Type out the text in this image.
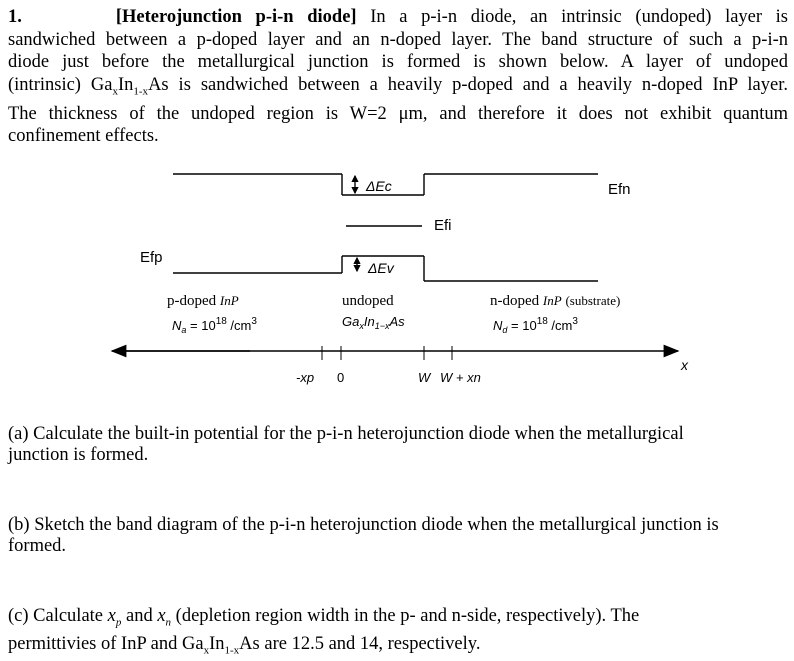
1.	[Heterojunction p-i-n diode] In a p-i-n diode, an intrinsic (undoped) layer is
sandwiched between a p-doped layer and an n-doped layer. The band structure of such a p-i-n
diode just before the metallurgical junction is formed is shown below. A layer of undoped
(intrinsic) $Ga_xIn_{1-x}As$ is sandwiched between a heavily p-doped and a heavily n-doped InP layer.
The thickness of the undoped region is W=2 μm, and therefore it does not exhibit quantum
confinement effects.
ΔEc	Efn
Efi
ΔEv
Efp
p-doped InP
$N_a = 10^{18}$ $/cm^3$
undoped
$Ga_xIn_{1-x}As$
n-doped InP (substrate)
$N_d = 10^{18}$ $/cm^3$
-xp 0	W W + xn
x
(a) Calculate the built-in potential for the p-i-n heterojunction diode when the metallurgical
junction is formed.
(b) Sketch the band diagram of the p-i-n heterojunction diode when the metallurgical junction is
formed.
(c) Calculate $x_p$ and $x_n$ (depletion region width in the p- and n-side, respectively). The
permittivies of InP and $Ga_xIn_{1-x}As$ are 12.5 and 14, respectively.
